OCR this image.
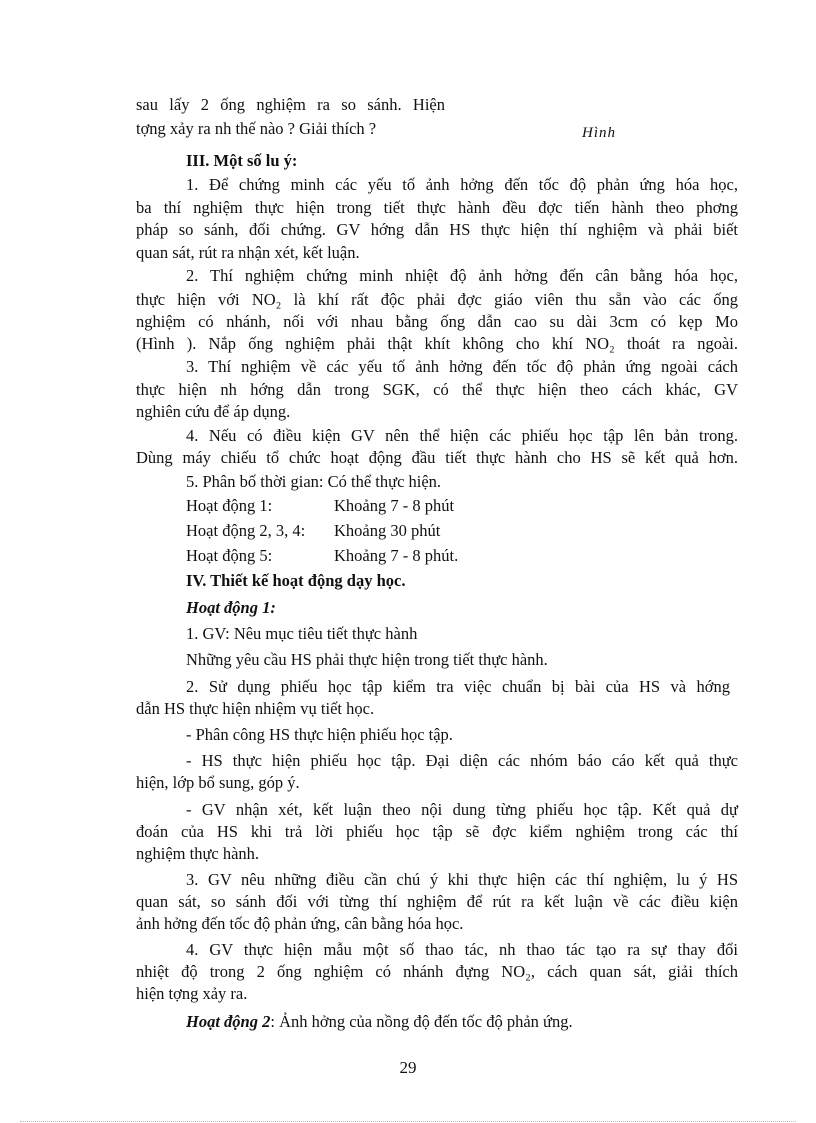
Hình
sau lấy 2 ống nghiệm ra so sánh. Hiện
tợng xảy ra nh thế nào ? Giải thích ?
III. Một số lu ý:
1. Để chứng minh các yếu tố ảnh hởng đến tốc độ phản ứng hóa học,
ba thí nghiệm thực hiện trong tiết thực hành đều đợc tiến hành theo phơng
pháp so sánh, đối chứng. GV hớng dẫn HS thực hiện thí nghiệm và phải biết
quan sát, rút ra nhận xét, kết luận.
2. Thí nghiệm chứng minh nhiệt độ ảnh hởng đến cân bằng hóa học,
thực hiện với NO₂ là khí rất độc phải đợc giáo viên thu sẵn vào các ống
nghiệm có nhánh, nối với nhau bằng ống dẫn cao su dài 3cm có kẹp Mo
(Hình ). Nắp ống nghiệm phải thật khít không cho khí NO₂ thoát ra ngoài.
3. Thí nghiệm về các yếu tố ảnh hởng đến tốc độ phản ứng ngoài cách
thực hiện nh hớng dẫn trong SGK, có thể thực hiện theo cách khác, GV
nghiên cứu để áp dụng.
4. Nếu có điều kiện GV nên thể hiện các phiếu học tập lên bản trong.
Dùng máy chiếu tổ chức hoạt động đầu tiết thực hành cho HS sẽ kết quả hơn.
5. Phân bố thời gian: Có thể thực hiện.
Hoạt động 1:	Khoảng 7 - 8 phút
Hoạt động 2, 3, 4: Khoảng 30 phút
Hoạt động 5:	Khoảng 7 - 8 phút.
IV. Thiết kế hoạt động dạy học.
Hoạt động 1:
1. GV: Nêu mục tiêu tiết thực hành
Những yêu cầu HS phải thực hiện trong tiết thực hành.
2. Sử dụng phiếu học tập kiểm tra việc chuẩn bị bài của HS và hớng
dẫn HS thực hiện nhiệm vụ tiết học.
- Phân công HS thực hiện phiếu học tập.
- HS thực hiện phiếu học tập. Đại diện các nhóm báo cáo kết quả thực
hiện, lớp bổ sung, góp ý.
- GV nhận xét, kết luận theo nội dung từng phiếu học tập. Kết quả dự
đoán của HS khi trả lời phiếu học tập sẽ đợc kiểm nghiệm trong các thí
nghiệm thực hành.
3. GV nêu những điều cần chú ý khi thực hiện các thí nghiệm, lu ý HS
quan sát, so sánh đối với từng thí nghiệm để rút ra kết luận về các điều kiện
ảnh hởng đến tốc độ phản ứng, cân bằng hóa học.
4. GV thực hiện mẫu một số thao tác, nh thao tác tạo ra sự thay đổi
nhiệt độ trong 2 ống nghiệm có nhánh đựng NO₂, cách quan sát, giải thích
hiện tợng xảy ra.
Hoạt động 2: Ảnh hởng của nồng độ đến tốc độ phản ứng.
29
